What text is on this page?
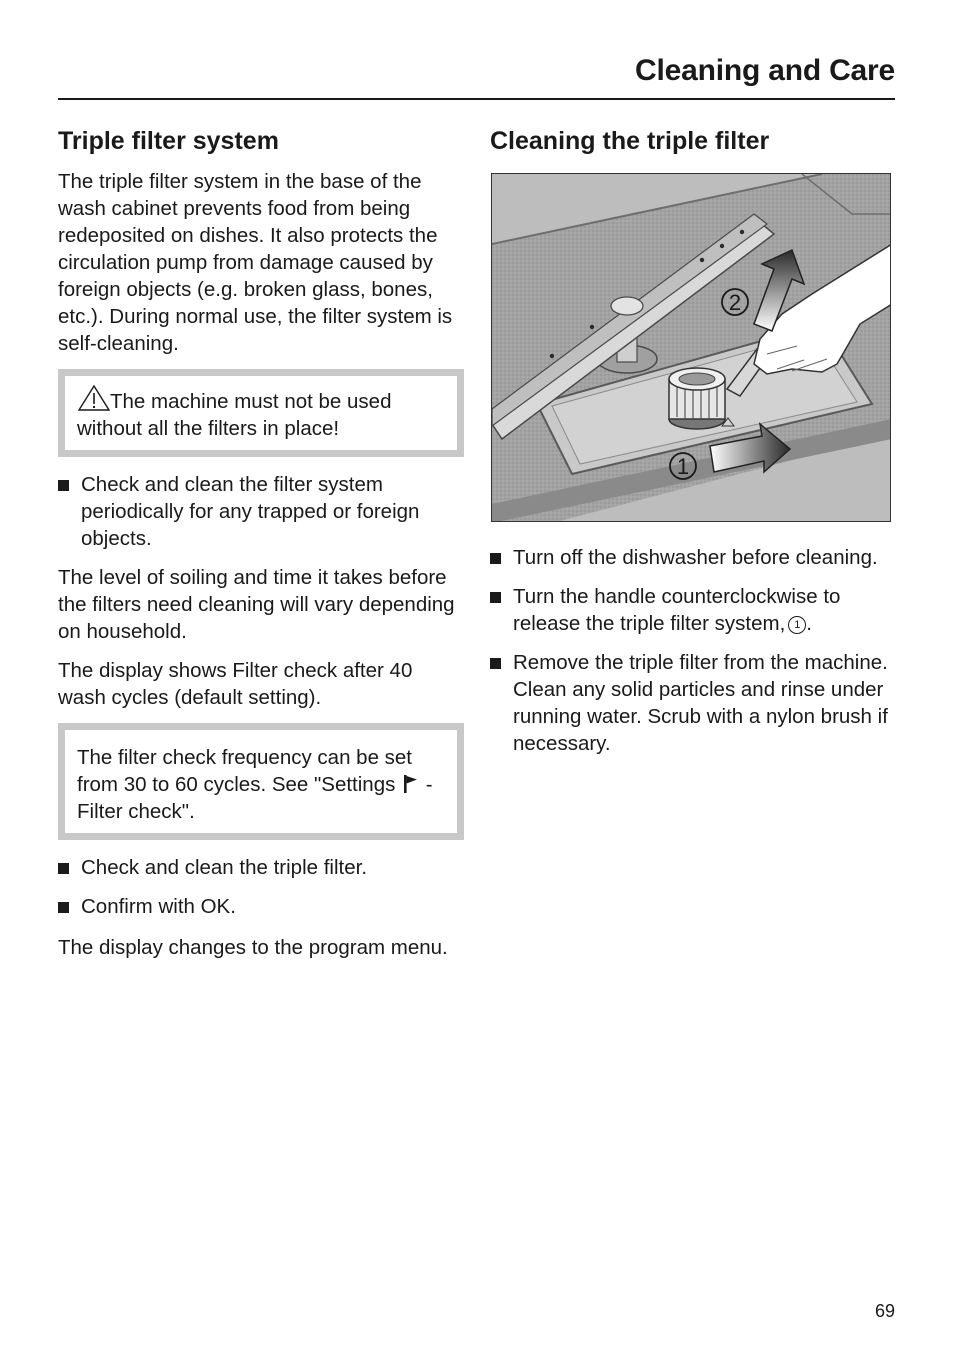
Cleaning and Care
Triple filter system

The triple filter system in the base of the wash cabinet prevents food from being redeposited on dishes. It also protects the circulation pump from damage caused by foreign objects (e.g. broken glass, bones, etc.). During normal use, the filter system is self-cleaning.

The machine must not be used without all the filters in place!
Check and clean the filter system periodically for any trapped or foreign objects.

The level of soiling and time it takes before the filters need cleaning will vary depending on household.

The display shows Filter check after 40 wash cycles (default setting).

The filter check frequency can be set from 30 to 60 cycles. See "Settings - Filter check".
Check and clean the triple filter.
Confirm with OK.

The display changes to the program menu.

Cleaning the triple filter
2
1
Turn off the dishwasher before cleaning.
Turn the handle counterclockwise to release the triple filter system, 1 .
Remove the triple filter from the machine. Clean any solid particles and rinse under running water. Scrub with a nylon brush if necessary.
69
